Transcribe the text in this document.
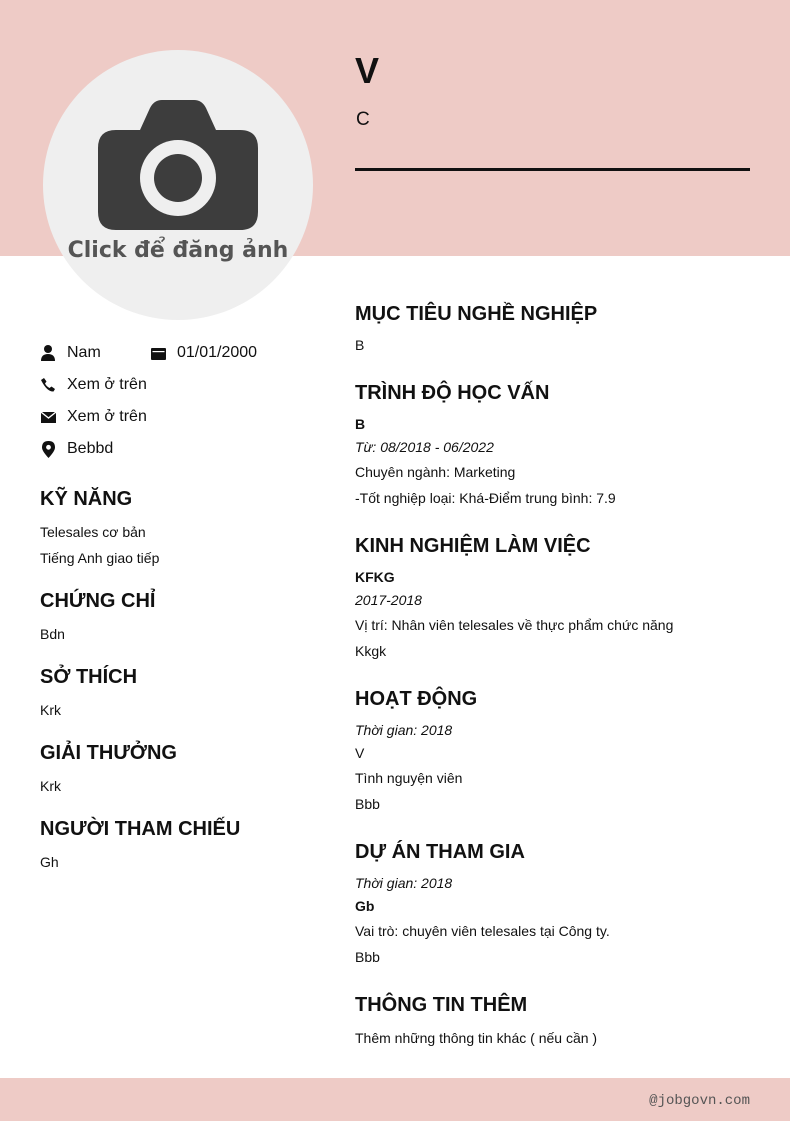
Click để đăng ảnh
V
C
Nam	01/01/2000
Xem ở trên
Xem ở trên
Bebbd
KỸ NĂNG
Telesales cơ bản
Tiếng Anh giao tiếp
CHỨNG CHỈ
Bdn
SỞ THÍCH
Krk
GIẢI THƯỞNG
Krk
NGƯỜI THAM CHIẾU
Gh
MỤC TIÊU NGHỀ NGHIỆP
B
TRÌNH ĐỘ HỌC VẤN
B
Từ: 08/2018 - 06/2022
Chuyên ngành: Marketing
-Tốt nghiệp loại: Khá-Điểm trung bình: 7.9
KINH NGHIỆM LÀM VIỆC
KFKG
2017-2018
Vị trí: Nhân viên telesales về thực phẩm chức năng
Kkgk
HOẠT ĐỘNG
Thời gian: 2018
V
Tình nguyện viên
Bbb
DỰ ÁN THAM GIA
Thời gian: 2018
Gb
Vai trò: chuyên viên telesales tại Công ty.
Bbb
THÔNG TIN THÊM
Thêm những thông tin khác ( nếu cần )
@jobgovn.com
